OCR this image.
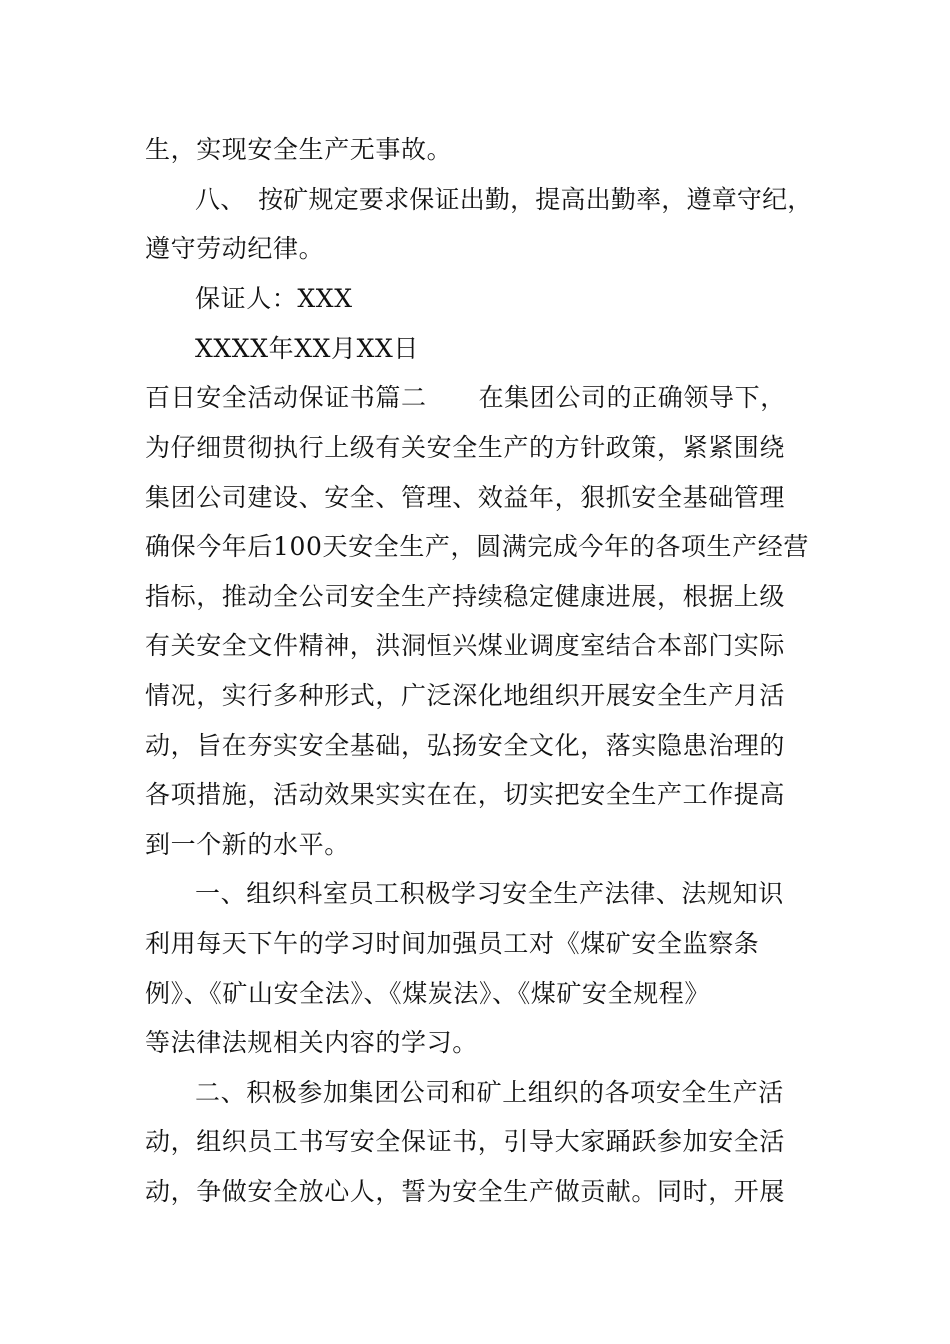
生，实现安全生产无事故。
八、　按矿规定要求保证出勤，提高出勤率，遵章守纪，
遵守劳动纪律。
保证人：XXX
XXXX年XX月XX日
百日安全活动保证书篇二 在集团公司的正确领导下，
为仔细贯彻执行上级有关安全生产的方针政策，紧紧围绕
集团公司建设、安全、管理、效益年，狠抓安全基础管理
确保今年后100天安全生产，圆满完成今年的各项生产经营
指标，推动全公司安全生产持续稳定健康进展，根据上级
有关安全文件精神，洪洞恒兴煤业调度室结合本部门实际
情况，实行多种形式，广泛深化地组织开展安全生产月活
动，旨在夯实安全基础，弘扬安全文化，落实隐患治理的
各项措施，活动效果实实在在，切实把安全生产工作提高
到一个新的水平。
一、组织科室员工积极学习安全生产法律、法规知识
利用每天下午的学习时间加强员工对《煤矿安全监察条
例》、《矿山安全法》、《煤炭法》、《煤矿安全规程》
等法律法规相关内容的学习。
二、积极参加集团公司和矿上组织的各项安全生产活
动，组织员工书写安全保证书，引导大家踊跃参加安全活
动，争做安全放心人，誓为安全生产做贡献。同时，开展
